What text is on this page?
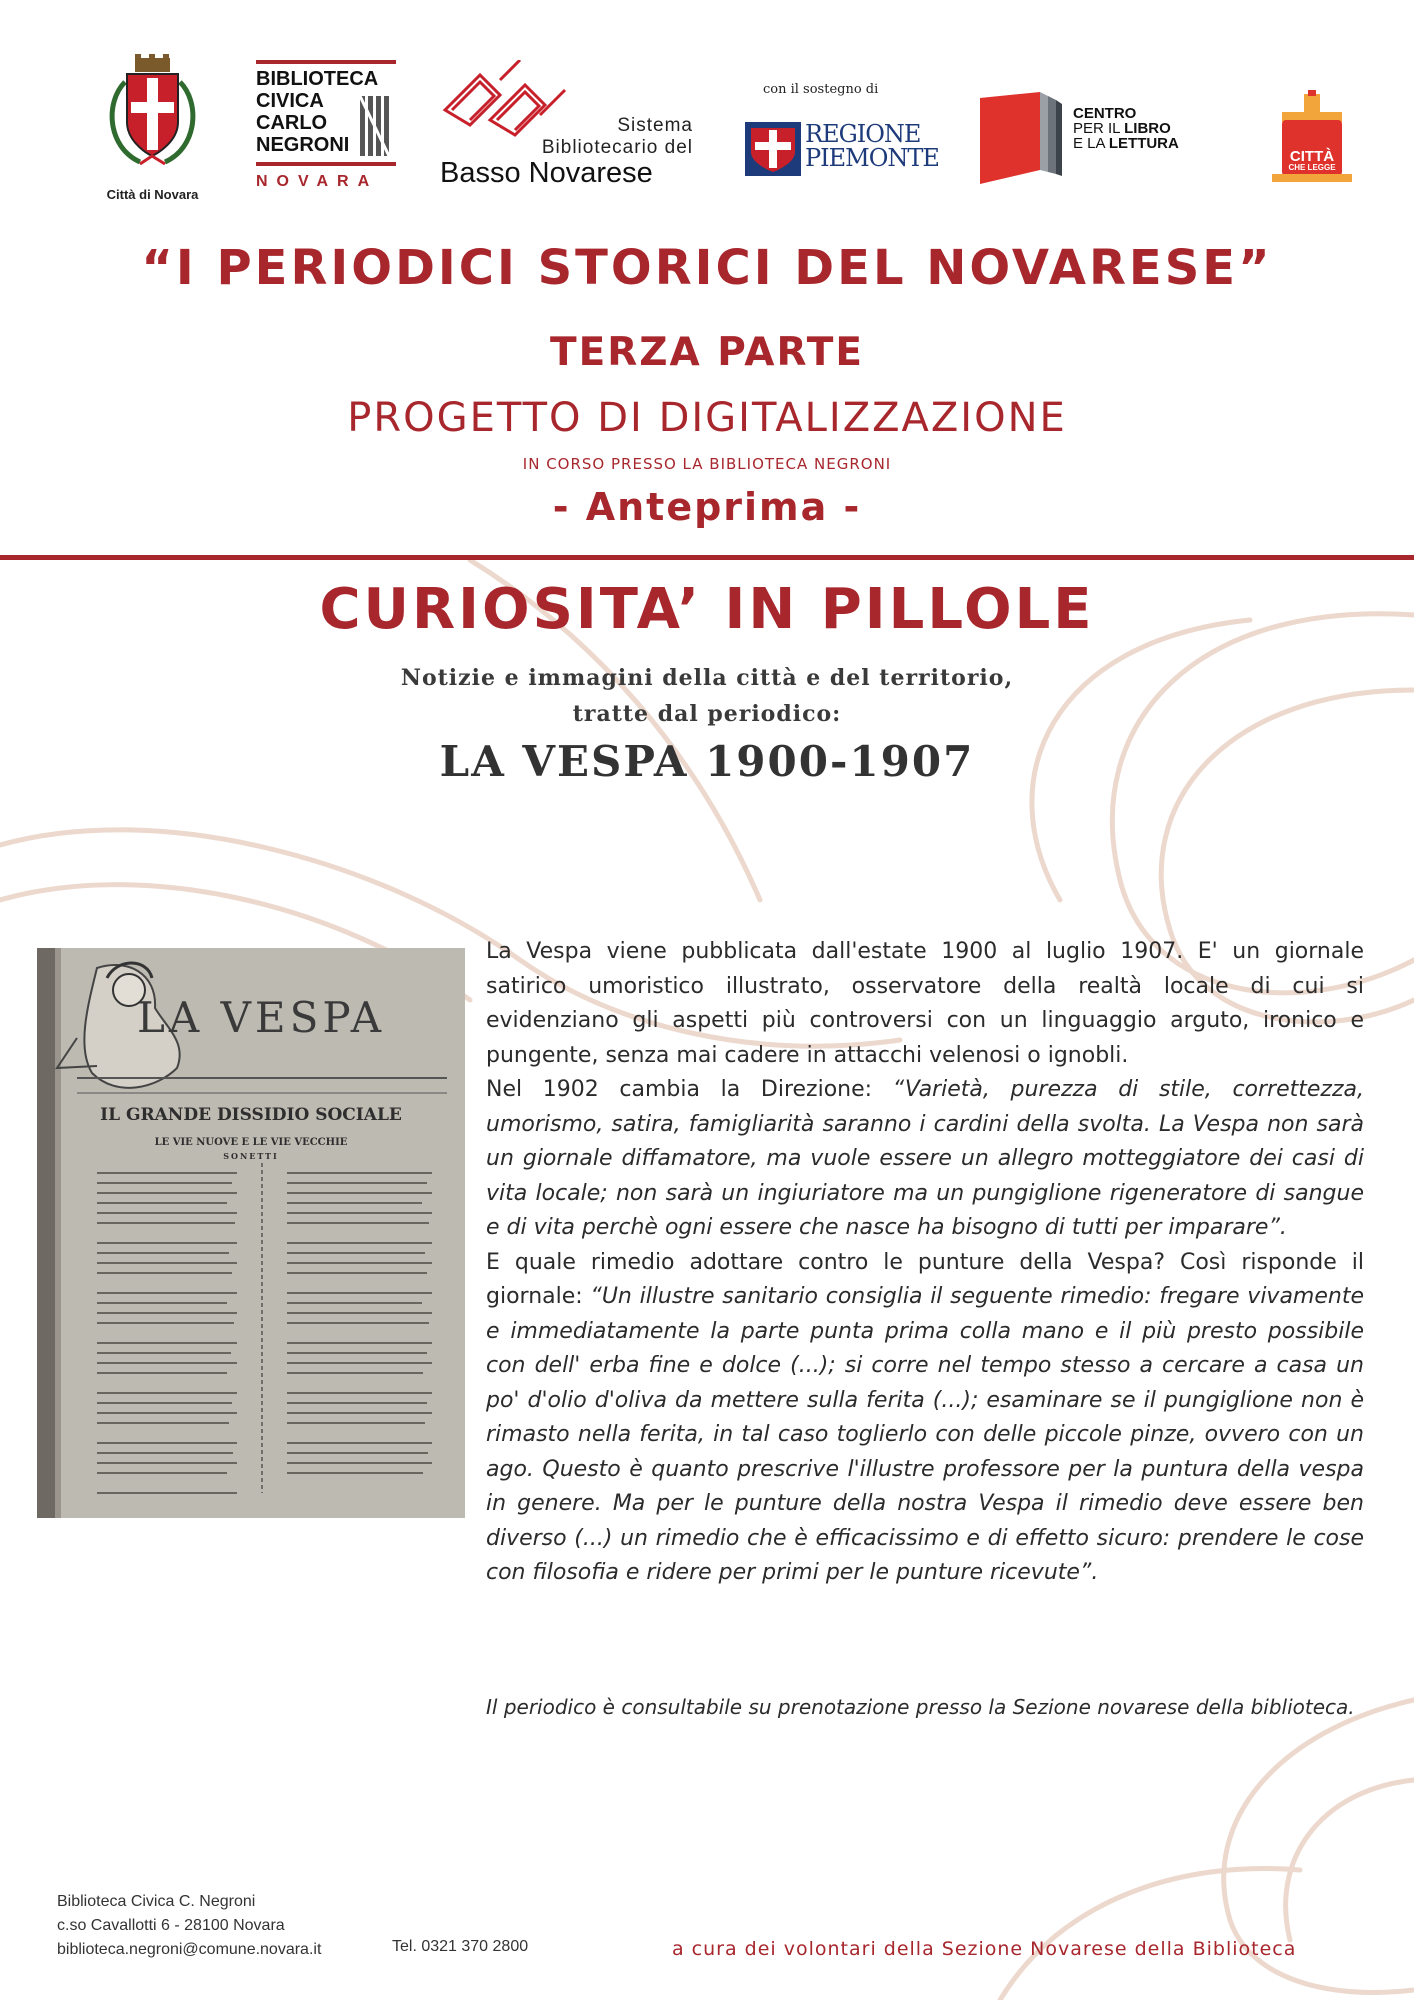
Città di Novara
BIBLIOTECA
CIVICA
CARLO
NEGRONI
NOVARA
Sistema
Bibliotecario del
Basso Novarese
con il sostegno di
REGIONE
PIEMONTE
CENTRO
PER IL LIBRO
E LA LETTURA
CITTÀ
CHE LEGGE
“I PERIODICI STORICI DEL NOVARESE”
TERZA PARTE
PROGETTO DI DIGITALIZZAZIONE
IN CORSO PRESSO LA BIBLIOTECA NEGRONI
- Anteprima -
CURIOSITA’ IN PILLOLE
Notizie e immagini della città e del territorio,
tratte dal periodico:
LA VESPA 1900-1907
LA VESPA
IL GRANDE DISSIDIO SOCIALE
LE VIE NUOVE E LE VIE VECCHIE
SONETTI

La Vespa viene pubblicata dall'estate 1900 al luglio 1907. E' un giornale satirico umoristico illustrato, osservatore della realtà locale di cui si evidenziano gli aspetti più controversi con un linguaggio arguto, ironico e pungente, senza mai cadere in attacchi velenosi o ignobli.

Nel 1902 cambia la Direzione: “Varietà, purezza di stile, correttezza, umorismo, satira, famigliarità saranno i cardini della svolta. La Vespa non sarà un giornale diffamatore, ma vuole essere un allegro motteggiatore dei casi di vita locale; non sarà un ingiuriatore ma un pungiglione rigeneratore di sangue e di vita perchè ogni essere che nasce ha bisogno di tutti per imparare”.

E quale rimedio adottare contro le punture della Vespa? Così risponde il giornale: “Un illustre sanitario consiglia il seguente rimedio: fregare vivamente e immediatamente la parte punta prima colla mano e il più presto possibile con dell' erba fine e dolce (...); si corre nel tempo stesso a cercare a casa un po' d'olio d'oliva da mettere sulla ferita (...); esaminare se il pungiglione non è rimasto nella ferita, in tal caso toglierlo con delle piccole pinze, ovvero con un ago. Questo è quanto prescrive l'illustre professore per la puntura della vespa in genere. Ma per le punture della nostra Vespa il rimedio deve essere ben diverso (...) un rimedio che è efficacissimo e di effetto sicuro: prendere le cose con filosofia e ridere per primi per le punture ricevute”.

Il periodico è consultabile su prenotazione presso la Sezione novarese della biblioteca.
Biblioteca Civica C. Negroni
c.so Cavallotti 6 - 28100 Novara
biblioteca.negroni@comune.novara.it	Tel. 0321 370 2800	a cura dei volontari della Sezione Novarese della Biblioteca
